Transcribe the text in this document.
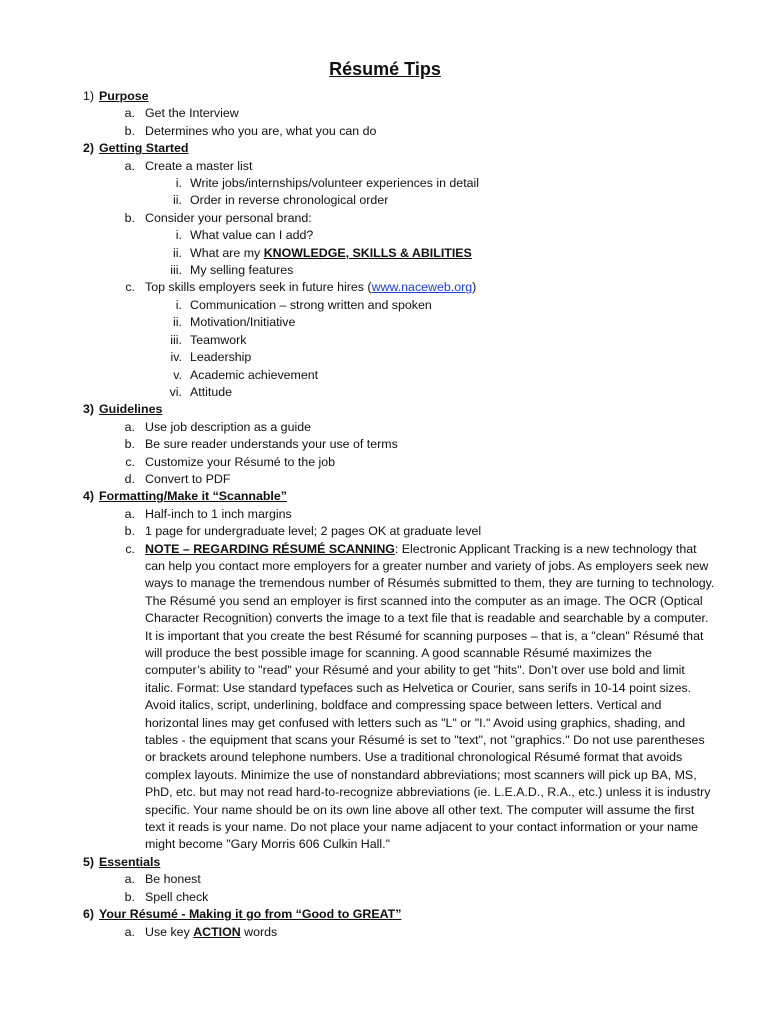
Résumé Tips
1) Purpose
a. Get the Interview
b. Determines who you are, what you can do
2) Getting Started
a. Create a master list
i. Write jobs/internships/volunteer experiences in detail
ii. Order in reverse chronological order
b. Consider your personal brand:
i. What value can I add?
ii. What are my KNOWLEDGE, SKILLS & ABILITIES
iii. My selling features
c. Top skills employers seek in future hires (www.naceweb.org)
i. Communication – strong written and spoken
ii. Motivation/Initiative
iii. Teamwork
iv. Leadership
v. Academic achievement
vi. Attitude
3) Guidelines
a. Use job description as a guide
b. Be sure reader understands your use of terms
c. Customize your Résumé to the job
d. Convert to PDF
4) Formatting/Make it “Scannable”
a. Half-inch to 1 inch margins
b. 1 page for undergraduate level; 2 pages OK at graduate level
c. NOTE – REGARDING RÉSUMÉ SCANNING: Electronic Applicant Tracking is a new technology that can help you contact more employers for a greater number and variety of jobs. As employers seek new ways to manage the tremendous number of Résumés submitted to them, they are turning to technology. The Résumé you send an employer is first scanned into the computer as an image. The OCR (Optical Character Recognition) converts the image to a text file that is readable and searchable by a computer. It is important that you create the best Résumé for scanning purposes – that is, a "clean" Résumé that will produce the best possible image for scanning. A good scannable Résumé maximizes the computer’s ability to "read" your Résumé and your ability to get "hits". Don’t over use bold and limit italic. Format: Use standard typefaces such as Helvetica or Courier, sans serifs in 10-14 point sizes. Avoid italics, script, underlining, boldface and compressing space between letters. Vertical and horizontal lines may get confused with letters such as "L" or "I." Avoid using graphics, shading, and tables - the equipment that scans your Résumé is set to "text", not "graphics." Do not use parentheses or brackets around telephone numbers. Use a traditional chronological Résumé format that avoids complex layouts. Minimize the use of nonstandard abbreviations; most scanners will pick up BA, MS, PhD, etc. but may not read hard-to-recognize abbreviations (ie. L.E.A.D., R.A., etc.) unless it is industry specific. Your name should be on its own line above all other text. The computer will assume the first text it reads is your name. Do not place your name adjacent to your contact information or your name might become "Gary Morris 606 Culkin Hall."
5) Essentials
a. Be honest
b. Spell check
6) Your Résumé - Making it go from “Good to GREAT”
a. Use key ACTION words
